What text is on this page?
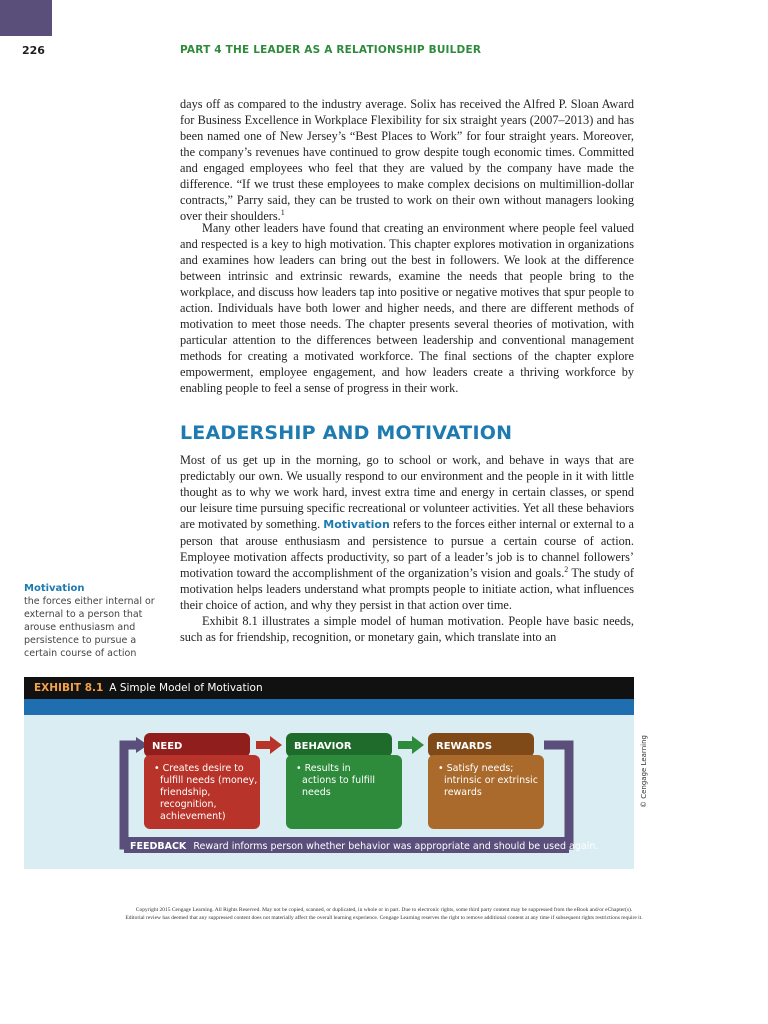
226	PART 4 THE LEADER AS A RELATIONSHIP BUILDER

days off as compared to the industry average. Solix has received the Alfred P. Sloan Award for Business Excellence in Workplace Flexibility for six straight years (2007–2013) and has been named one of New Jersey’s “Best Places to Work” for four straight years. Moreover, the company’s revenues have continued to grow despite tough economic times. Committed and engaged employees who feel that they are valued by the company have made the difference. “If we trust these employees to make complex decisions on multimillion-dollar contracts,” Parry said, they can be trusted to work on their own without managers looking over their shoulders.$^1$

Many other leaders have found that creating an environment where people feel valued and respected is a key to high motivation. This chapter explores motivation in organizations and examines how leaders can bring out the best in followers. We look at the difference between intrinsic and extrinsic rewards, examine the needs that people bring to the workplace, and discuss how leaders tap into positive or negative motives that spur people to action. Individuals have both lower and higher needs, and there are different methods of motivation to meet those needs. The chapter presents several theories of motivation, with particular attention to the differences between leadership and conventional management methods for creating a motivated workforce. The final sections of the chapter explore empowerment, employee engagement, and how leaders create a thriving workforce by enabling people to feel a sense of progress in their work.

LEADERSHIP AND MOTIVATION
Most of us get up in the morning, go to school or work, and behave in ways that are predictably our own. We usually respond to our environment and the people in it with little thought as to why we work hard, invest extra time and energy in certain classes, or spend our leisure time pursuing specific recreational or volunteer activities. Yet all these behaviors are motivated by something. Motivation refers to the forces either internal or external to a person that arouse enthusiasm and persistence to pursue a certain course of action. Employee motivation affects productivity, so part of a leader’s job is to channel followers’ motivation toward the accomplishment of the organization’s vision and goals.$^2$ The study of motivation helps leaders understand what prompts people to initiate action, what influences their choice of action, and why they persist in that action over time.
Exhibit 8.1 illustrates a simple model of human motivation. People have basic needs, such as for friendship, recognition, or monetary gain, which translate into an
Motivation
the forces either internal or external to a person that arouse enthusiasm and persistence to pursue a certain course of action
EXHIBIT 8.1 A Simple Model of Motivation
FEEDBACK Reward informs person whether behavior was appropriate and should be used again.
NEED
• Creates desire to
fulfill needs (money,
friendship,
recognition,
achievement)
BEHAVIOR
• Results in
actions to fulfill
needs
REWARDS
• Satisfy needs;
intrinsic or extrinsic
rewards	© Cengage Learning

Copyright 2015 Cengage Learning. All Rights Reserved. May not be copied, scanned, or duplicated, in whole or in part. Due to electronic rights, some third party content may be suppressed from the eBook and/or eChapter(s).
Editorial review has deemed that any suppressed content does not materially affect the overall learning experience. Cengage Learning reserves the right to remove additional content at any time if subsequent rights restrictions require it.
